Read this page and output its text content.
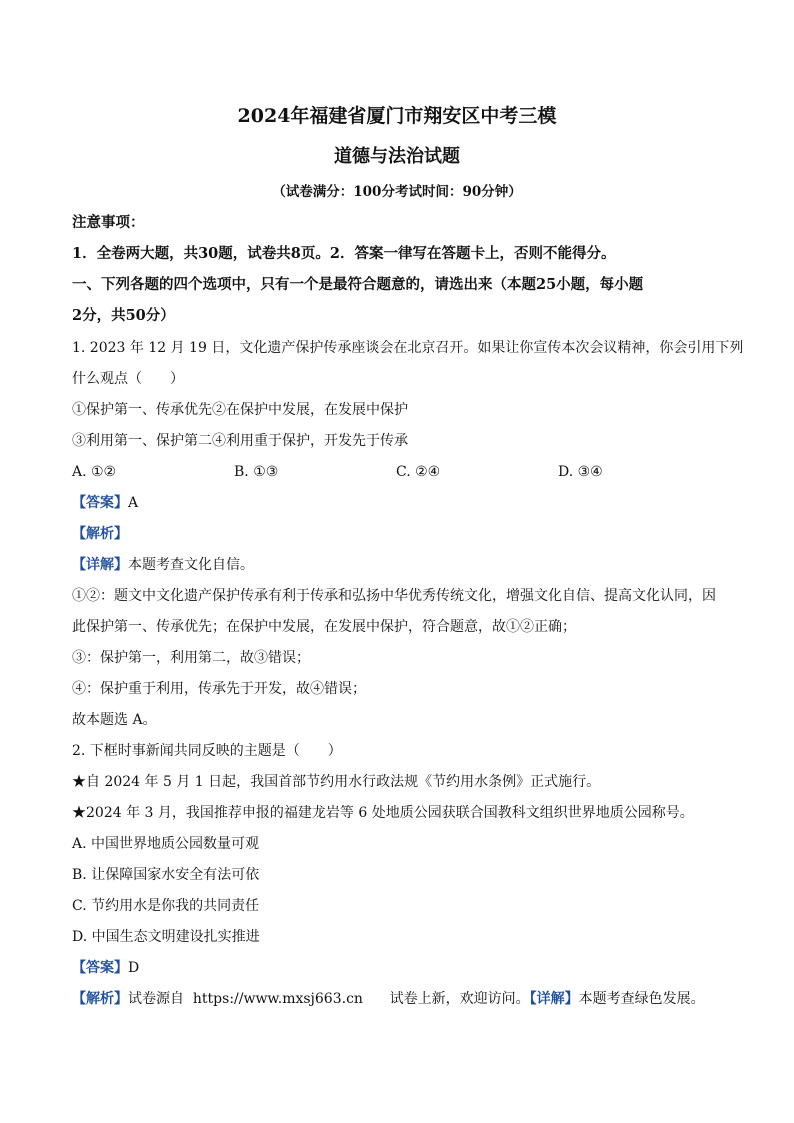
2024年福建省厦门市翔安区中考三模
道德与法治试题
（试卷满分：100分考试时间：90分钟）
注意事项：
1．全卷两大题，共30题，试卷共8页。2．答案一律写在答题卡上，否则不能得分。
一、下列各题的四个选项中，只有一个是最符合题意的，请选出来（本题25小题，每小题
2分，共50分）
1. 2023 年 12 月 19 日，文化遗产保护传承座谈会在北京召开。如果让你宣传本次会议精神，你会引用下列
什么观点（　　）
①保护第一、传承优先②在保护中发展，在发展中保护
③利用第一、保护第二④利用重于保护，开发先于传承
A. ①②	B. ①③	C. ②④	D. ③④
【答案】A
【解析】
【详解】本题考查文化自信。
①②：题文中文化遗产保护传承有利于传承和弘扬中华优秀传统文化，增强文化自信、提高文化认同，因
此保护第一、传承优先；在保护中发展，在发展中保护，符合题意，故①②正确；
③：保护第一，利用第二，故③错误；
④：保护重于利用，传承先于开发，故④错误；
故本题选 A。
2. 下框时事新闻共同反映的主题是（　　）
★自 2024 年 5 月 1 日起，我国首部节约用水行政法规《节约用水条例》正式施行。
★2024 年 3 月，我国推荐申报的福建龙岩等 6 处地质公园获联合国教科文组织世界地质公园称号。
A. 中国世界地质公园数量可观
B. 让保障国家水安全有法可依
C. 节约用水是你我的共同责任
D. 中国生态文明建设扎实推进
【答案】D
【解析】试卷源自  https://www.mxsj663.cn      试卷上新，欢迎访问。【详解】本题考查绿色发展。
